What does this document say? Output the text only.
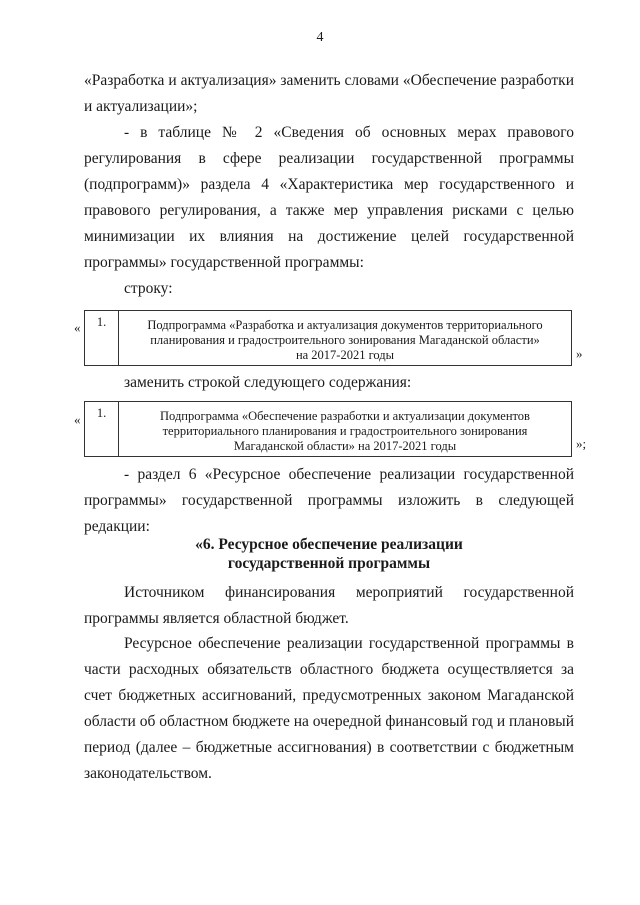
4

«Разработка и актуализация» заменить словами «Обеспечение разработки и актуализации»;

- в таблице № 2 «Сведения об основных мерах правового регулирования в сфере реализации государственной программы (подпрограмм)» раздела 4 «Характеристика мер государственного и правового регулирования, а также мер управления рисками с целью минимизации их влияния на достижение целей государственной программы» государственной программы:

строку:
«	1.	Подпрограмма «Разработка и актуализация документов территориального
планирования и градостроительного зонирования Магаданской области»
на 2017-2021 годы	»
заменить строкой следующего содержания:
«	1.	Подпрограмма «Обеспечение разработки и актуализации документов
территориального планирования и градостроительного зонирования
Магаданской области» на 2017-2021 годы	»;

- раздел 6 «Ресурсное обеспечение реализации государственной программы» государственной программы изложить в следующей редакции:

«6. Ресурсное обеспечение реализации
государственной программы

Источником финансирования мероприятий государственной программы является областной бюджет.

Ресурсное обеспечение реализации государственной программы в части расходных обязательств областного бюджета осуществляется за счет бюджетных ассигнований, предусмотренных законом Магаданской области об областном бюджете на очередной финансовый год и плановый период (далее – бюджетные ассигнования) в соответствии с бюджетным законодательством.
